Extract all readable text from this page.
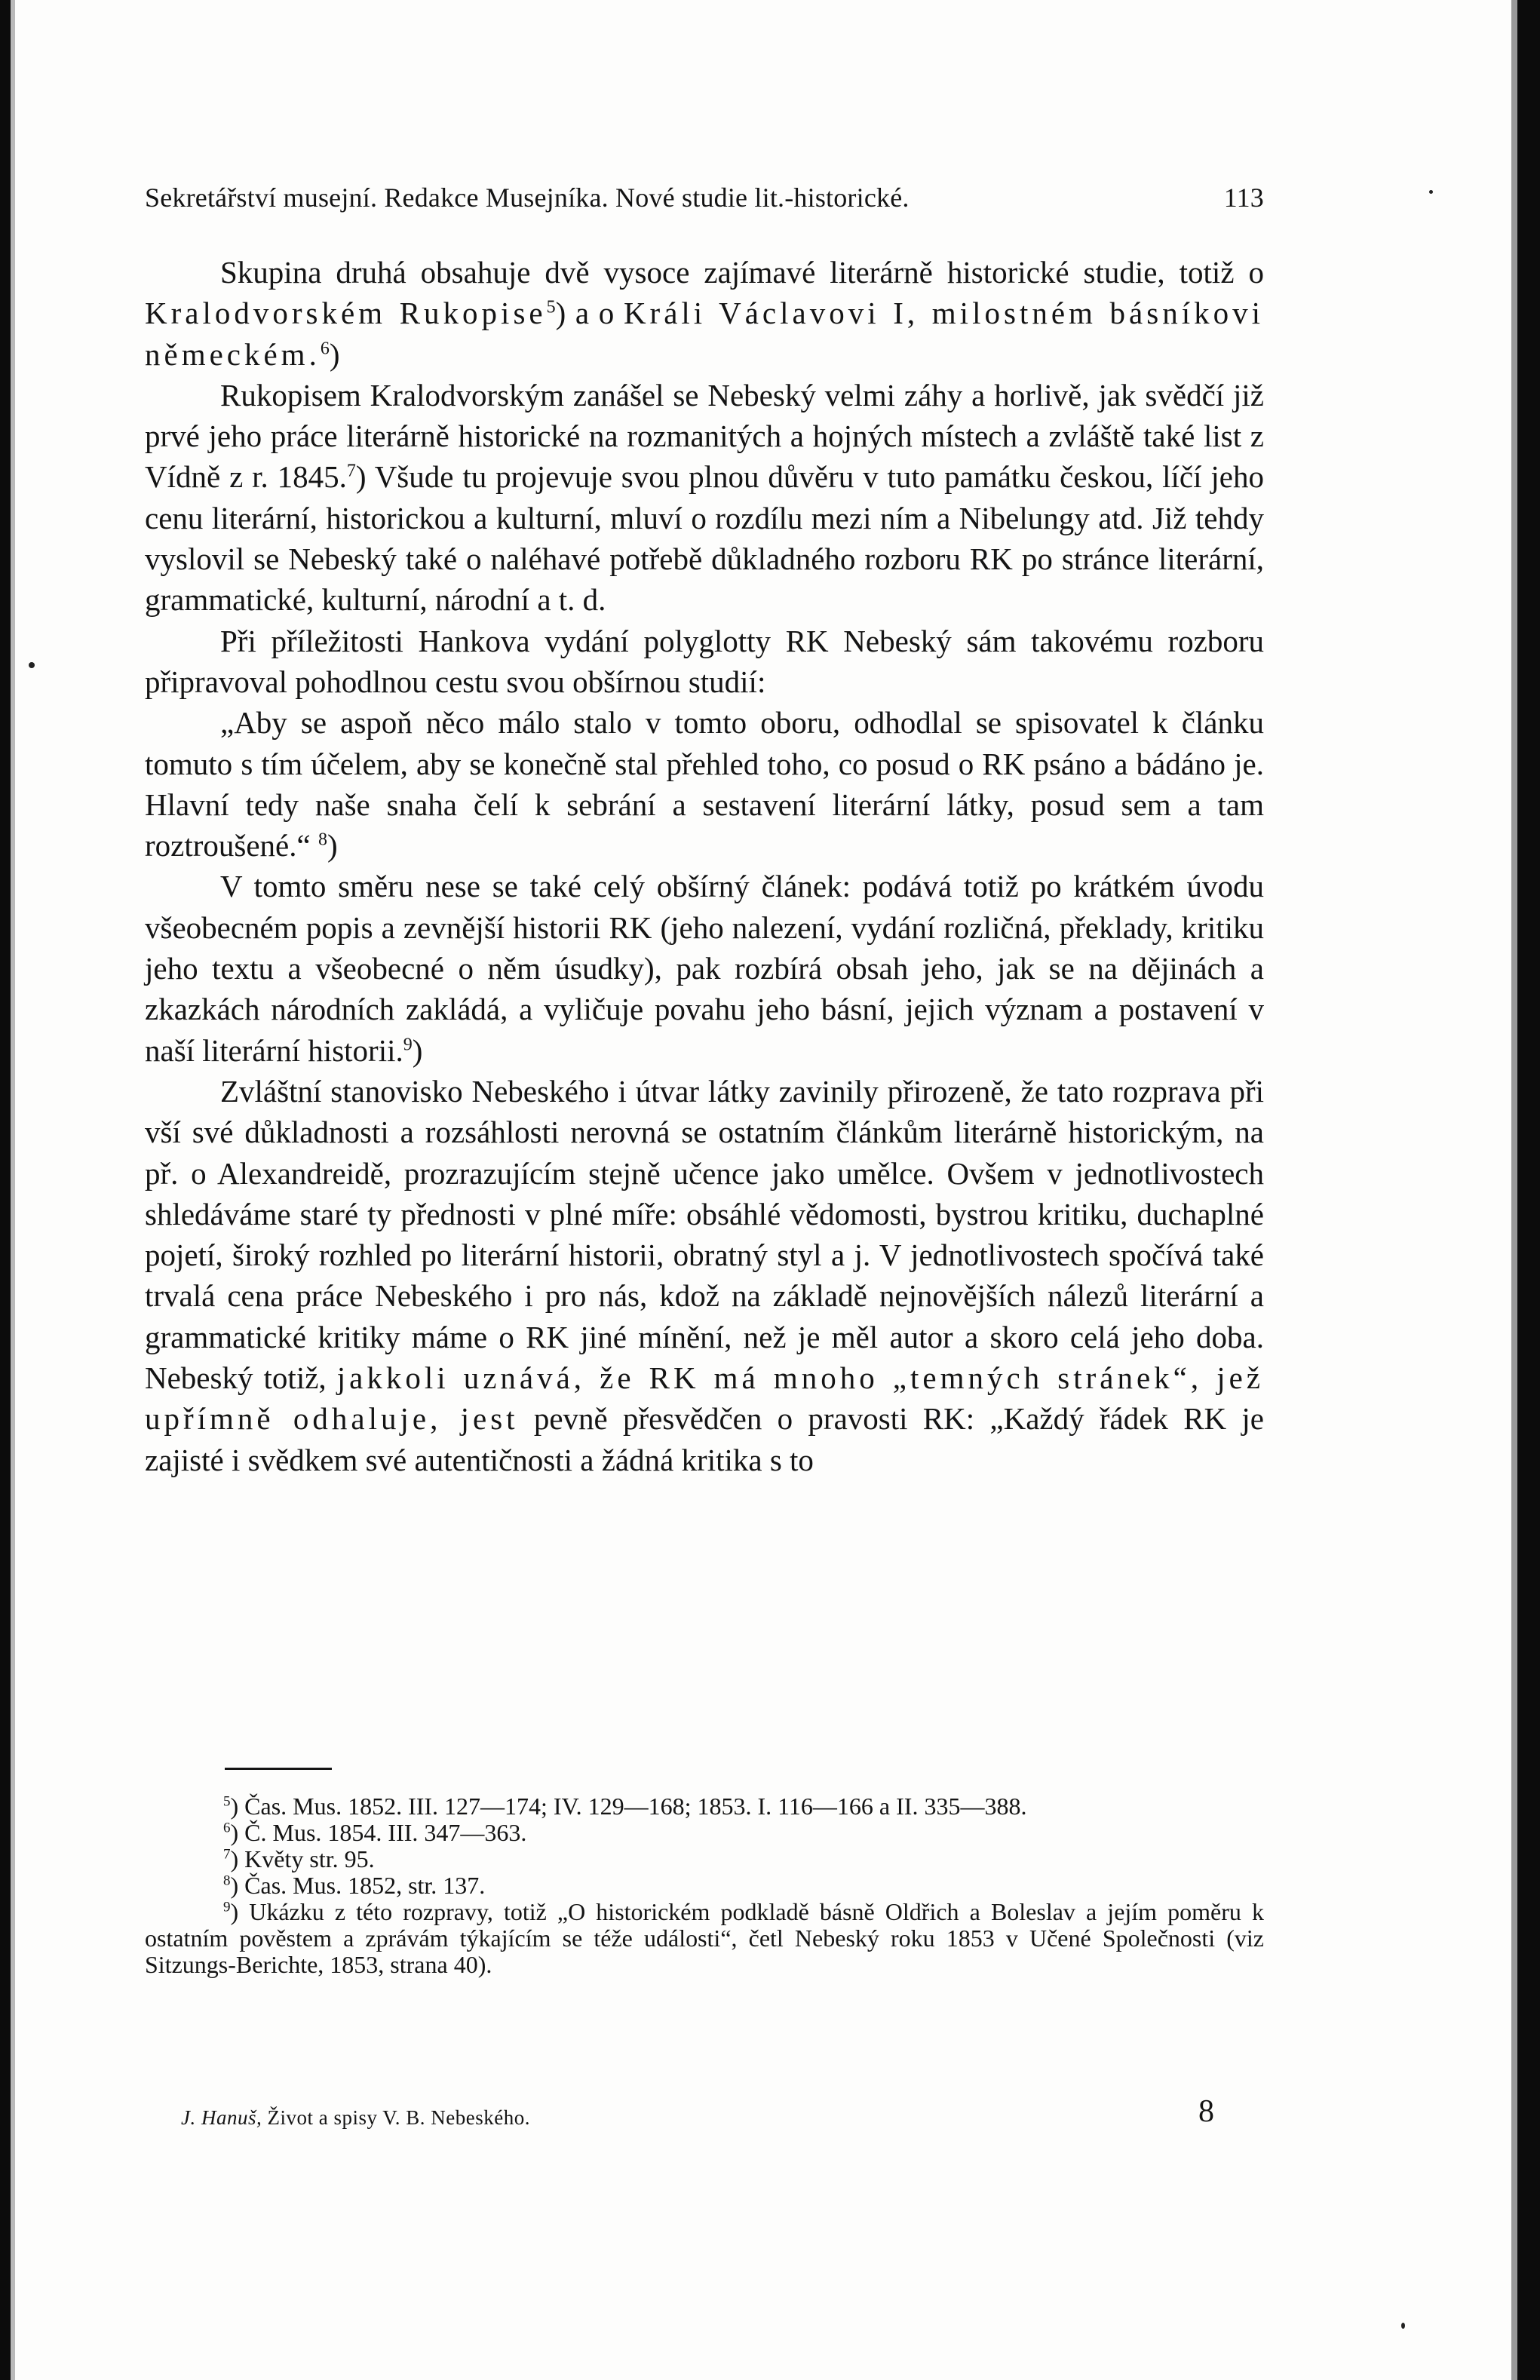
Sekretářství musejní. Redakce Musejníka. Nové studie lit.-historické.	113

Skupina druhá obsahuje dvě vysoce zajímavé literárně historické studie, totiž o Kralodvorském Rukopise$^5$) a o Králi Václavovi I, milostném básníkovi německém.$^6$)

Rukopisem Kralodvorským zanášel se Nebeský velmi záhy a horlivě, jak svědčí již prvé jeho práce literárně historické na rozmanitých a hojných místech a zvláště také list z Vídně z r. 1845.$^7$) Všude tu projevuje svou plnou důvěru v tuto památku českou, líčí jeho cenu literární, historickou a kulturní, mluví o rozdílu mezi ním a Nibelungy atd. Již tehdy vyslovil se Nebeský také o naléhavé potřebě důkladného rozboru RK po stránce literární, grammatické, kulturní, národní a t. d.

Při příležitosti Hankova vydání polyglotty RK Nebeský sám takovému rozboru připravoval pohodlnou cestu svou obšírnou studií:

„Aby se aspoň něco málo stalo v tomto oboru, odhodlal se spisovatel k článku tomuto s tím účelem, aby se konečně stal přehled toho, co posud o RK psáno a bádáno je. Hlavní tedy naše snaha čelí k sebrání a sestavení literární látky, posud sem a tam roztroušené.“ $^8$)

V tomto směru nese se také celý obšírný článek: podává totiž po krátkém úvodu všeobecném popis a zevnější historii RK (jeho nalezení, vydání rozličná, překlady, kritiku jeho textu a všeobecné o něm úsudky), pak rozbírá obsah jeho, jak se na dějinách a zkazkách národních zakládá, a vyličuje povahu jeho básní, jejich význam a postavení v naší literární historii.$^9$)

Zvláštní stanovisko Nebeského i útvar látky zavinily přirozeně, že tato rozprava při vší své důkladnosti a rozsáhlosti nerovná se ostatním článkům literárně historickým, na př. o Alexandreidě, prozrazujícím stejně učence jako umělce. Ovšem v jednotlivostech shledáváme staré ty přednosti v plné míře: obsáhlé vědomosti, bystrou kritiku, duchaplné pojetí, široký rozhled po literární historii, obratný styl a j. V jednotlivostech spočívá také trvalá cena práce Nebeského i pro nás, kdož na základě nejnovějších nálezů literární a grammatické kritiky máme o RK jiné mínění, než je měl autor a skoro celá jeho doba. Nebeský totiž, jakkoli uznává, že RK má mnoho „temných stránek“, jež upřímně odhaluje, jest pevně přesvědčen o pravosti RK: „Každý řádek RK je zajisté i svědkem své autentičnosti a žádná kritika s to

$^5$) Čas. Mus. 1852. III. 127—174; IV. 129—168; 1853. I. 116—166 a II. 335—388.

$^6$) Č. Mus. 1854. III. 347—363.

$^7$) Květy str. 95.

$^8$) Čas. Mus. 1852, str. 137.

$^9$) Ukázku z této rozpravy, totiž „O historickém podkladě básně Oldřich a Boleslav a jejím poměru k ostatním pověstem a zprávám týkajícím se téže události“, četl Nebeský roku 1853 v Učené Společnosti (viz Sitzungs-Berichte, 1853, strana 40).

J. Hanuš, Život a spisy V. B. Nebeského.	8
